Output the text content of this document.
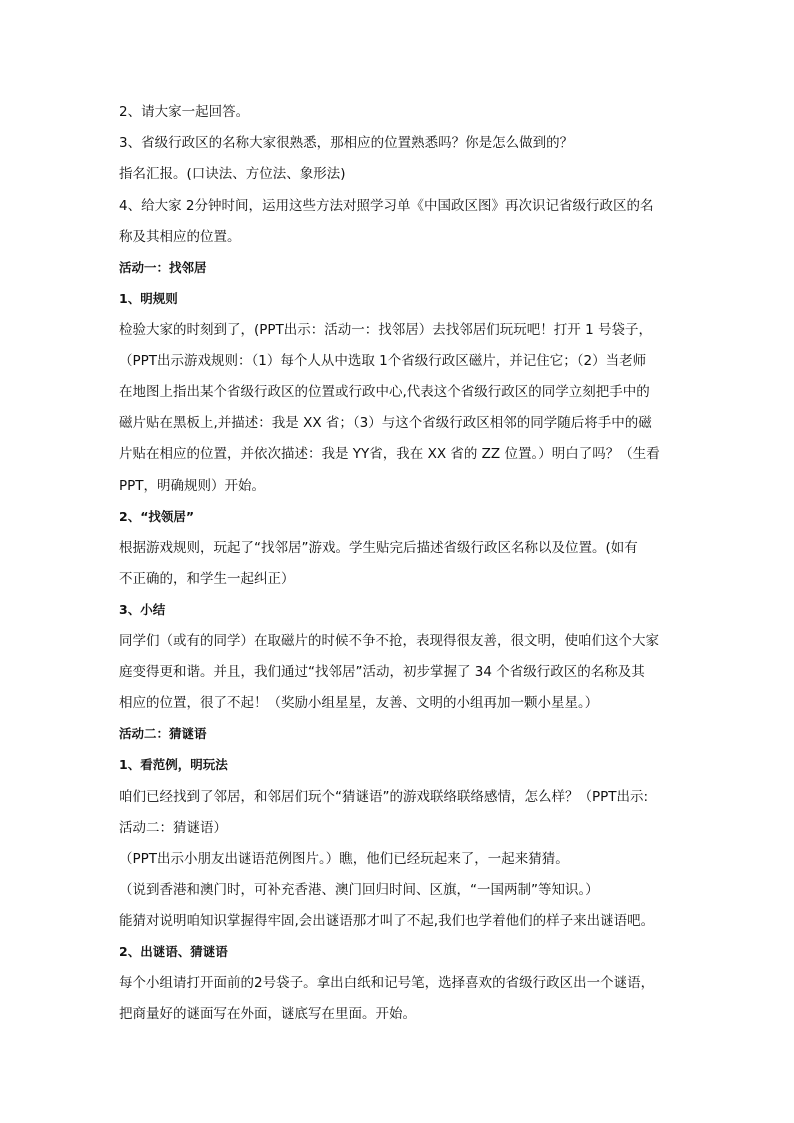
2、请大家一起回答。
3、省级行政区的名称大家很熟悉，那相应的位置熟悉吗？你是怎么做到的？
指名汇报。(口诀法、方位法、象形法)
4、给大家 2分钟时间，运用这些方法对照学习单《中国政区图》再次识记省级行政区的名
称及其相应的位置。
活动一：找邻居
1、明规则
检验大家的时刻到了，(PPT出示：活动一：找邻居）去找邻居们玩玩吧！打开 1 号袋子，
（PPT出示游戏规则：（1）每个人从中选取 1个省级行政区磁片，并记住它；（2）当老师
在地图上指出某个省级行政区的位置或行政中心,代表这个省级行政区的同学立刻把手中的
磁片贴在黑板上,并描述：我是 XX 省；（3）与这个省级行政区相邻的同学随后将手中的磁
片贴在相应的位置，并依次描述：我是 YY省，我在 XX 省的 ZZ 位置。）明白了吗？（生看
PPT，明确规则）开始。
2、“找领居”
根据游戏规则，玩起了“找邻居”游戏。学生贴完后描述省级行政区名称以及位置。(如有
不正确的，和学生一起纠正）
3、小结
同学们（或有的同学）在取磁片的时候不争不抢，表现得很友善，很文明，使咱们这个大家
庭变得更和谐。并且，我们通过“找邻居”活动，初步掌握了 34 个省级行政区的名称及其
相应的位置，很了不起！（奖励小组星星，友善、文明的小组再加一颗小星星。）
活动二：猜谜语
1、看范例，明玩法
咱们已经找到了邻居，和邻居们玩个“猜谜语”的游戏联络联络感情，怎么样？（PPT出示:
活动二：猜谜语）
（PPT出示小朋友出谜语范例图片。）瞧，他们已经玩起来了，一起来猜猜。
（说到香港和澳门时，可补充香港、澳门回归时间、区旗，“一国两制”等知识。）
能猜对说明咱知识掌握得牢固,会出谜语那才叫了不起,我们也学着他们的样子来出谜语吧。
2、出谜语、猜谜语
每个小组请打开面前的2号袋子。拿出白纸和记号笔，选择喜欢的省级行政区出一个谜语，
把商量好的谜面写在外面，谜底写在里面。开始。
